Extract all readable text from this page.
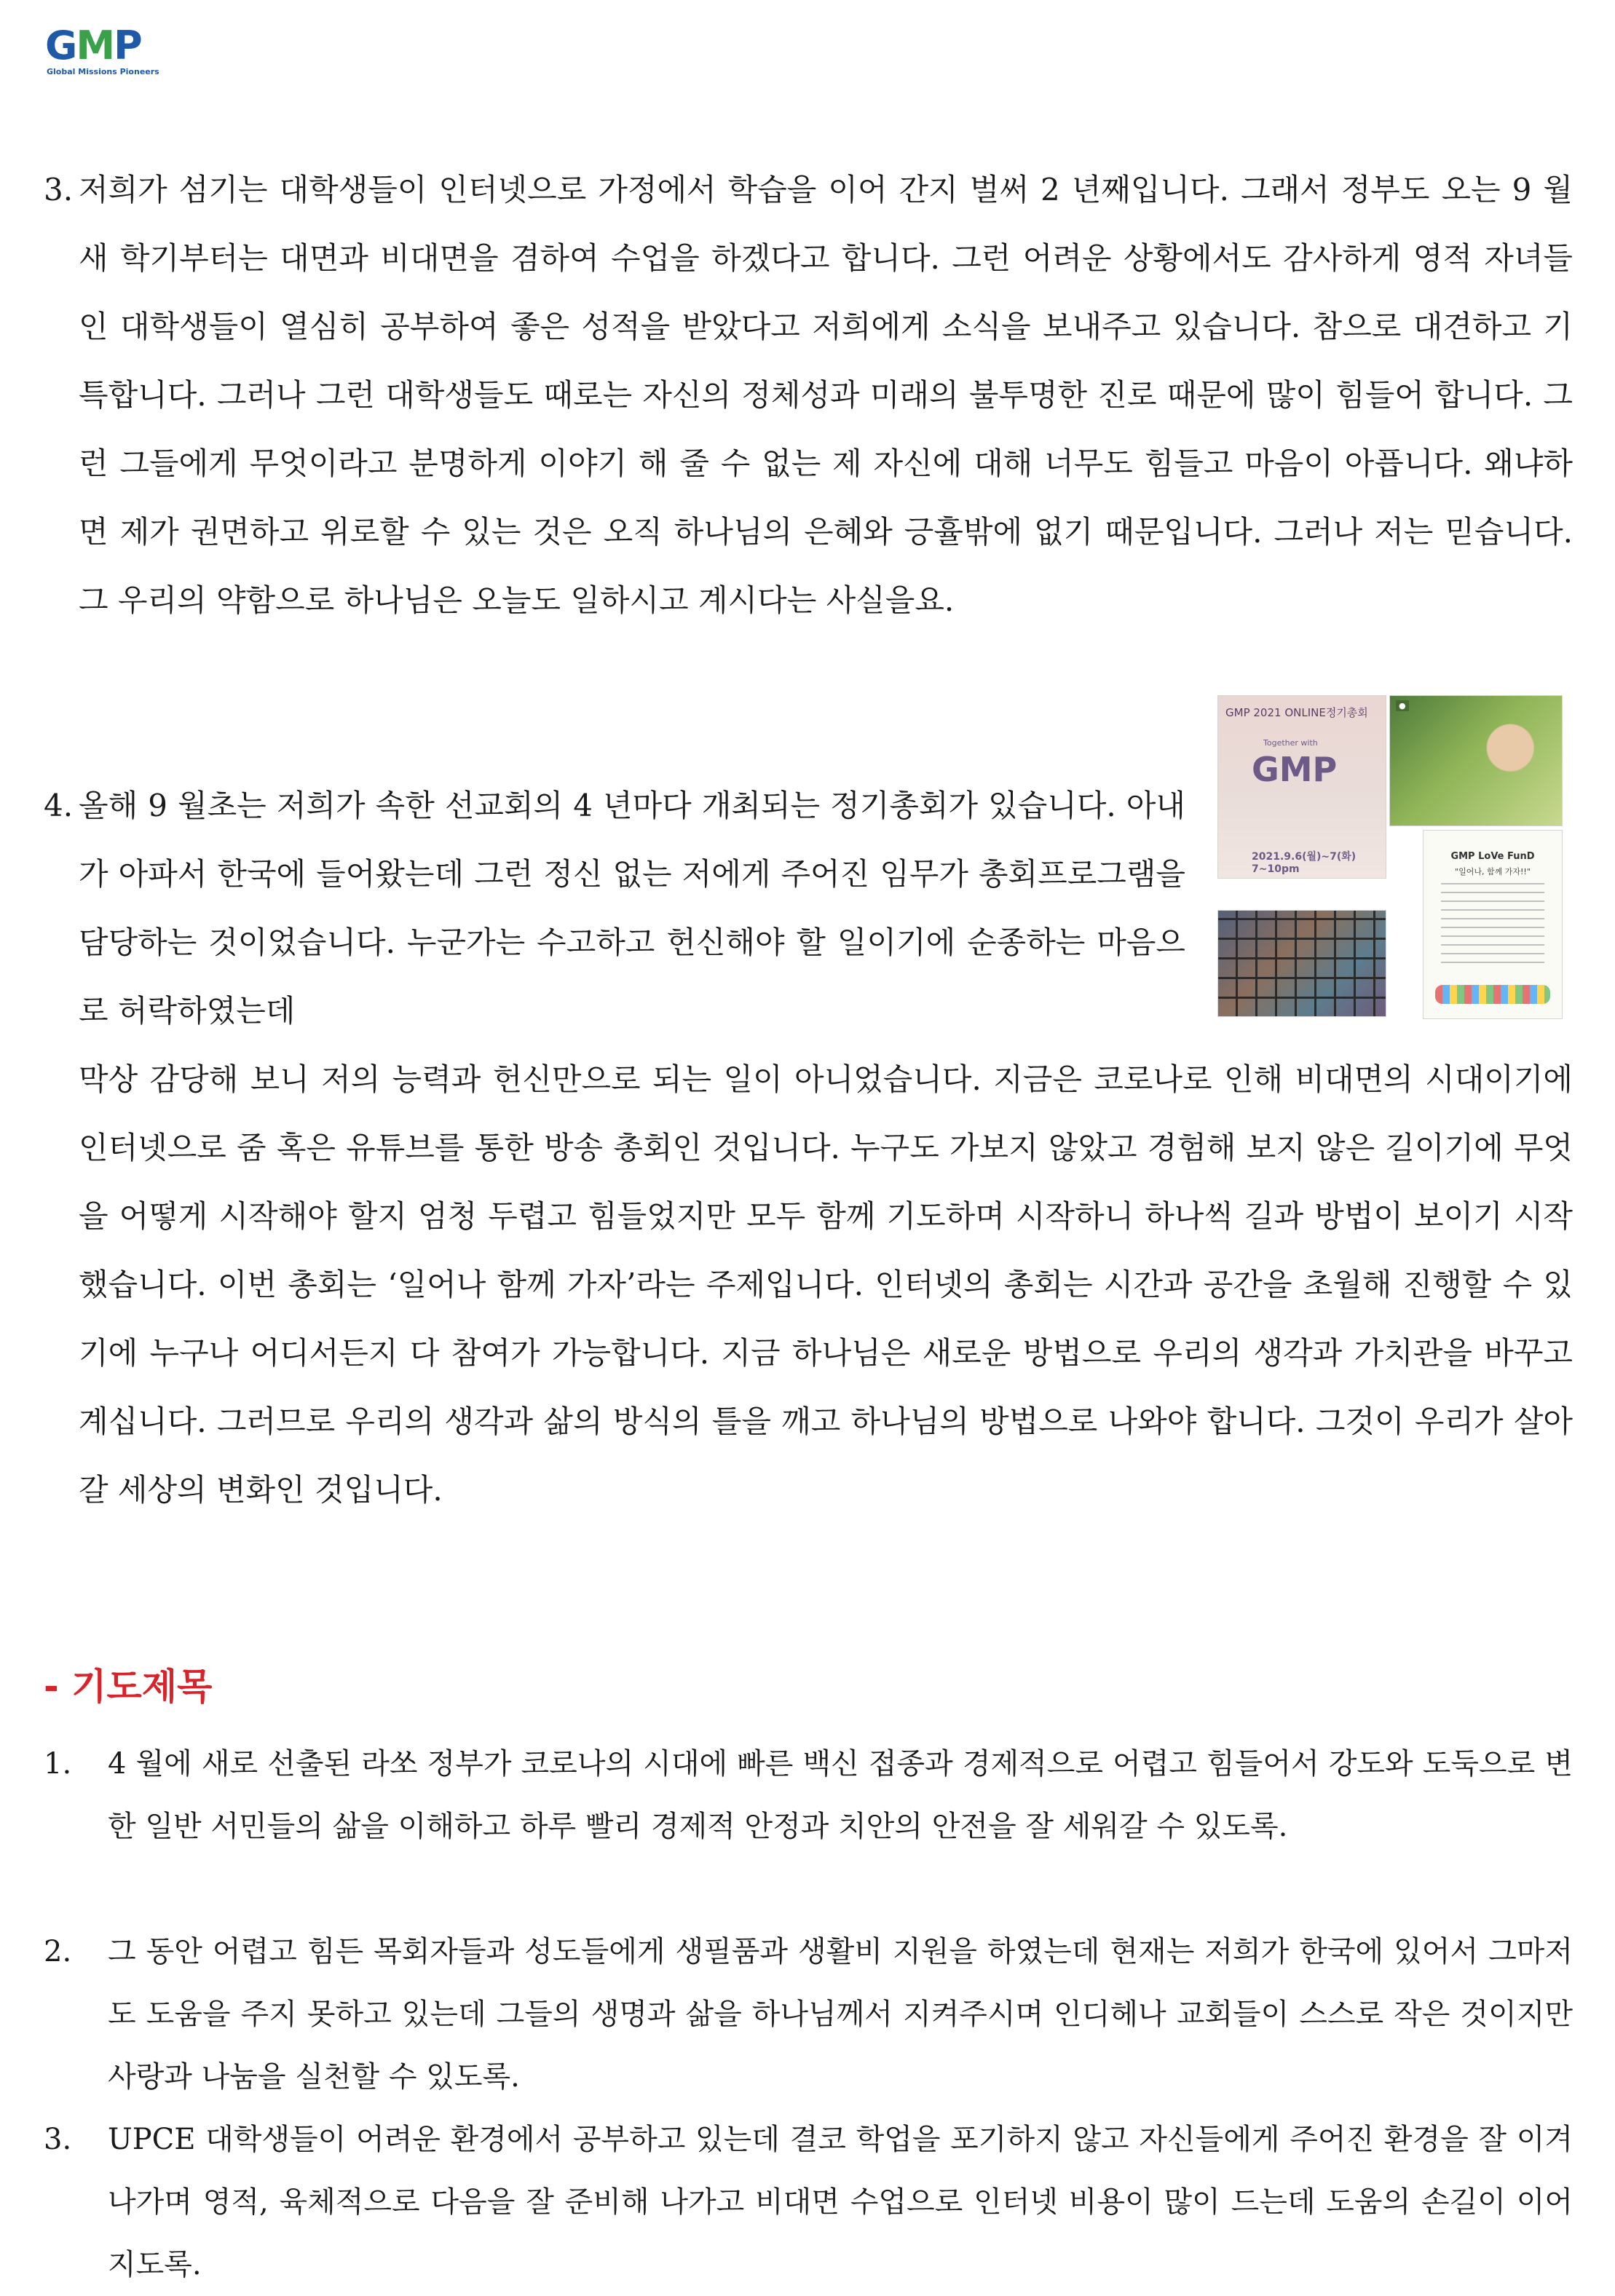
GMP
Global Missions Pioneers

3. 저희가 섬기는 대학생들이 인터넷으로 가정에서 학습을 이어 간지 벌써 2 년째입니다. 그래서 정부도 오는 9 월 새 학기부터는 대면과 비대면을 겸하여 수업을 하겠다고 합니다. 그런 어려운 상황에서도 감사하게 영적 자녀들인 대학생들이 열심히 공부하여 좋은 성적을 받았다고 저희에게 소식을 보내주고 있습니다. 참으로 대견하고 기특합니다. 그러나 그런 대학생들도 때로는 자신의 정체성과 미래의 불투명한 진로 때문에 많이 힘들어 합니다. 그런 그들에게 무엇이라고 분명하게 이야기 해 줄 수 없는 제 자신에 대해 너무도 힘들고 마음이 아픕니다. 왜냐하면 제가 권면하고 위로할 수 있는 것은 오직 하나님의 은혜와 긍휼밖에 없기 때문입니다. 그러나 저는 믿습니다. 그 우리의 약함으로 하나님은 오늘도 일하시고 계시다는 사실을요.

4. 올해 9 월초는 저희가 속한 선교회의 4 년마다 개최되는 정기총회가 있습니다. 아내가 아파서 한국에 들어왔는데 그런 정신 없는 저에게 주어진 임무가 총회프로그램을 담당하는 것이었습니다. 누군가는 수고하고 헌신해야 할 일이기에 순종하는 마음으로 허락하였는데

막상 감당해 보니 저의 능력과 헌신만으로 되는 일이 아니었습니다. 지금은 코로나로 인해 비대면의 시대이기에 인터넷으로 줌 혹은 유튜브를 통한 방송 총회인 것입니다. 누구도 가보지 않았고 경험해 보지 않은 길이기에 무엇을 어떻게 시작해야 할지 엄청 두렵고 힘들었지만 모두 함께 기도하며 시작하니 하나씩 길과 방법이 보이기 시작했습니다. 이번 총회는 ‘일어나 함께 가자’라는 주제입니다. 인터넷의 총회는 시간과 공간을 초월해 진행할 수 있기에 누구나 어디서든지 다 참여가 가능합니다. 지금 하나님은 새로운 방법으로 우리의 생각과 가치관을 바꾸고 계십니다. 그러므로 우리의 생각과 삶의 방식의 틀을 깨고 하나님의 방법으로 나와야 합니다. 그것이 우리가 살아갈 세상의 변화인 것입니다.

GMP 2021 ONLINE정기총회
Together with
GMP
2021.9.6(월)~7(화) 7~10pm
●
GMP LoVe FunD
"일어나, 함께 가자!!"
- 기도제목

1. 4 월에 새로 선출된 라쏘 정부가 코로나의 시대에 빠른 백신 접종과 경제적으로 어렵고 힘들어서 강도와 도둑으로 변한 일반 서민들의 삶을 이해하고 하루 빨리 경제적 안정과 치안의 안전을 잘 세워갈 수 있도록.

2. 그 동안 어렵고 힘든 목회자들과 성도들에게 생필품과 생활비 지원을 하였는데 현재는 저희가 한국에 있어서 그마저도 도움을 주지 못하고 있는데 그들의 생명과 삶을 하나님께서 지켜주시며 인디헤나 교회들이 스스로 작은 것이지만 사랑과 나눔을 실천할 수 있도록.

3. UPCE 대학생들이 어려운 환경에서 공부하고 있는데 결코 학업을 포기하지 않고 자신들에게 주어진 환경을 잘 이겨나가며 영적, 육체적으로 다음을 잘 준비해 나가고 비대면 수업으로 인터넷 비용이 많이 드는데 도움의 손길이 이어지도록.
